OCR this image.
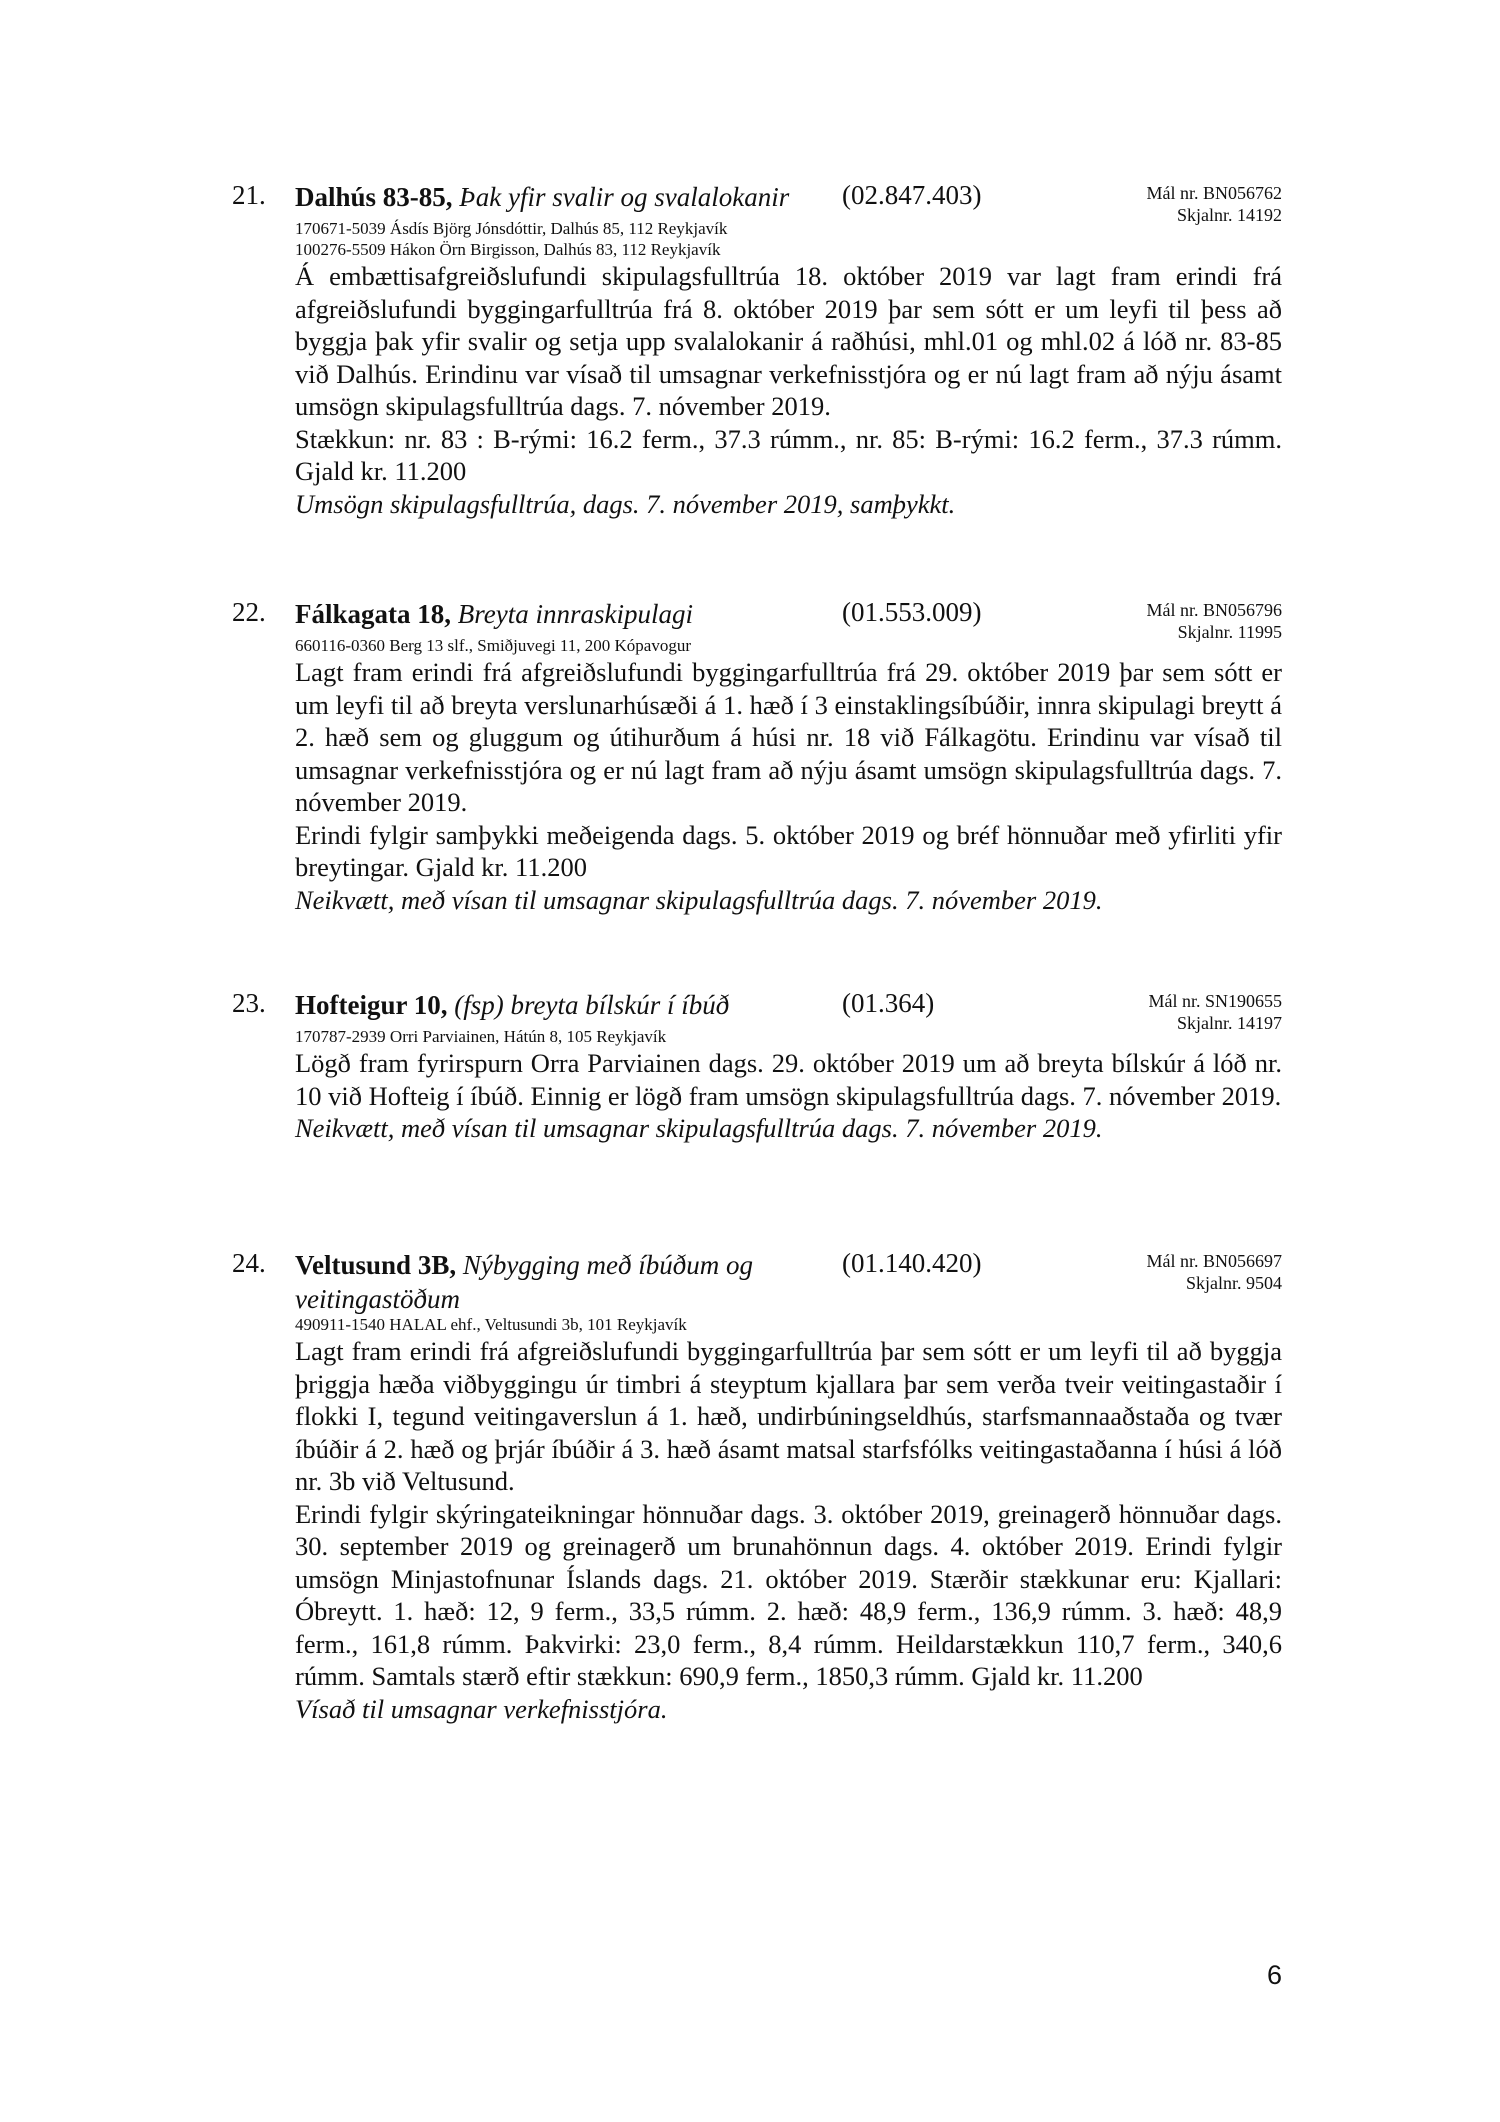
21. Dalhús 83-85, Þak yfir svalir og svalalokanir	(02.847.403)	Mál nr. BN056762
Skjalnr. 14192
170671-5039 Ásdís Björg Jónsdóttir, Dalhús 85, 112 Reykjavík
100276-5509 Hákon Örn Birgisson, Dalhús 83, 112 Reykjavík

Á embættisafgreiðslufundi skipulagsfulltrúa 18. október 2019 var lagt fram erindi frá afgreiðslufundi byggingarfulltrúa frá 8. október 2019 þar sem sótt er um leyfi til þess að byggja þak yfir svalir og setja upp svalalokanir á raðhúsi, mhl.01 og mhl.02 á lóð nr. 83-85 við Dalhús. Erindinu var vísað til umsagnar verkefnisstjóra og er nú lagt fram að nýju ásamt umsögn skipulagsfulltrúa dags. 7. nóvember 2019.

Stækkun: nr. 83 : B-rými: 16.2 ferm., 37.3 rúmm., nr. 85: B-rými: 16.2 ferm., 37.3 rúmm. Gjald kr. 11.200

Umsögn skipulagsfulltrúa, dags. 7. nóvember 2019, samþykkt.

22. Fálkagata 18, Breyta innraskipulagi	(01.553.009)	Mál nr. BN056796
Skjalnr. 11995
660116-0360 Berg 13 slf., Smiðjuvegi 11, 200 Kópavogur

Lagt fram erindi frá afgreiðslufundi byggingarfulltrúa frá 29. október 2019 þar sem sótt er um leyfi til að breyta verslunarhúsæði á 1. hæð í 3 einstaklingsíbúðir, innra skipulagi breytt á 2. hæð sem og gluggum og útihurðum á húsi nr. 18 við Fálkagötu. Erindinu var vísað til umsagnar verkefnisstjóra og er nú lagt fram að nýju ásamt umsögn skipulagsfulltrúa dags. 7. nóvember 2019.

Erindi fylgir samþykki meðeigenda dags. 5. október 2019 og bréf hönnuðar með yfirliti yfir breytingar. Gjald kr. 11.200

Neikvætt, með vísan til umsagnar skipulagsfulltrúa dags. 7. nóvember 2019.

23. Hofteigur 10, (fsp) breyta bílskúr í íbúð	(01.364)	Mál nr. SN190655
Skjalnr. 14197
170787-2939 Orri Parviainen, Hátún 8, 105 Reykjavík

Lögð fram fyrirspurn Orra Parviainen dags. 29. október 2019 um að breyta bílskúr á lóð nr. 10 við Hofteig í íbúð. Einnig er lögð fram umsögn skipulagsfulltrúa dags. 7. nóvember 2019.

Neikvætt, með vísan til umsagnar skipulagsfulltrúa dags. 7. nóvember 2019.

24. Veltusund 3B, Nýbygging með íbúðum og veitingastöðum
(01.140.420)	Mál nr. BN056697
Skjalnr. 9504
490911-1540 HALAL ehf., Veltusundi 3b, 101 Reykjavík

Lagt fram erindi frá afgreiðslufundi byggingarfulltrúa þar sem sótt er um leyfi til að byggja þriggja hæða viðbyggingu úr timbri á steyptum kjallara þar sem verða tveir veitingastaðir í flokki I, tegund veitingaverslun á 1. hæð, undirbúningseldhús, starfsmannaaðstaða og tvær íbúðir á 2. hæð og þrjár íbúðir á 3. hæð ásamt matsal starfsfólks veitingastaðanna í húsi á lóð nr. 3b við Veltusund.

Erindi fylgir skýringateikningar hönnuðar dags. 3. október 2019, greinagerð hönnuðar dags. 30. september 2019 og greinagerð um brunahönnun dags. 4. október 2019. Erindi fylgir umsögn Minjastofnunar Íslands dags. 21. október 2019. Stærðir stækkunar eru: Kjallari: Óbreytt. 1. hæð: 12, 9 ferm., 33,5 rúmm. 2. hæð: 48,9 ferm., 136,9 rúmm. 3. hæð: 48,9 ferm., 161,8 rúmm. Þakvirki: 23,0 ferm., 8,4 rúmm. Heildarstækkun 110,7 ferm., 340,6 rúmm. Samtals stærð eftir stækkun: 690,9 ferm., 1850,3 rúmm. Gjald kr. 11.200

Vísað til umsagnar verkefnisstjóra.

6
